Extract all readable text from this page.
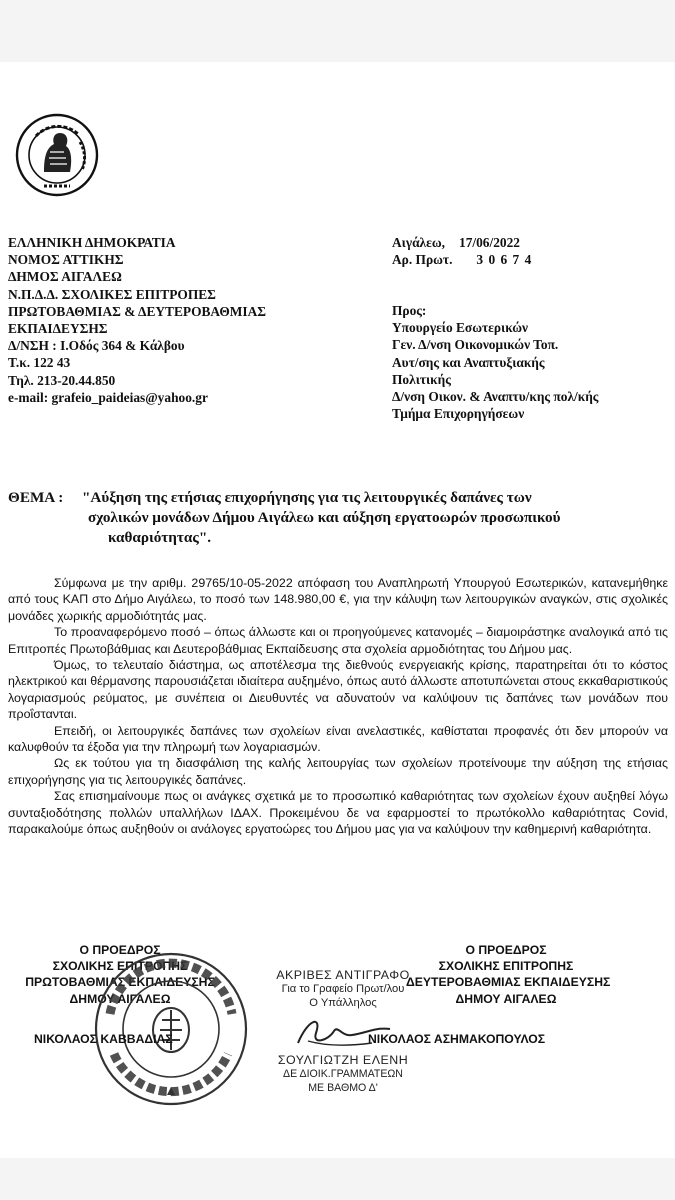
ΕΛΛΗΝΙΚΗ ΔΗΜΟΚΡΑΤΙΑ
ΝΟΜΟΣ ΑΤΤΙΚΗΣ
ΔΗΜΟΣ ΑΙΓΑΛΕΩ
Ν.Π.Δ.Δ. ΣΧΟΛΙΚΕΣ ΕΠΙΤΡΟΠΕΣ
ΠΡΩΤΟΒΑΘΜΙΑΣ & ΔΕΥΤΕΡΟΒΑΘΜΙΑΣ
ΕΚΠΑΙΔΕΥΣΗΣ
Δ/ΝΣΗ : Ι.Οδός 364 & Κάλβου
Τ.κ. 122 43
Τηλ. 213-20.44.850
e-mail: grafeio_paideias@yahoo.gr
Αιγάλεω, 17/06/2022
Αρ. Πρωτ. 3 0 6 7 4
Προς:
Υπουργείο Εσωτερικών
Γεν. Δ/νση Οικονομικών Τοπ.
Αυτ/σης και Αναπτυξιακής
Πολιτικής
Δ/νση Οικον. & Αναπτυ/κης πολ/κής
Τμήμα Επιχορηγήσεων
ΘΕΜΑ : "Αύξηση της ετήσιας επιχορήγησης για τις λειτουργικές δαπάνες των
σχολικών μονάδων Δήμου Αιγάλεω και αύξηση εργατοωρών προσωπικού
καθαριότητας".

Σύμφωνα με την αριθμ. 29765/10-05-2022 απόφαση του Αναπληρωτή Υπουργού Εσωτερικών, κατανεμήθηκε από τους ΚΑΠ στο Δήμο Αιγάλεω, το ποσό των 148.980,00 €, για την κάλυψη των λειτουργικών αναγκών, στις σχολικές μονάδες χωρικής αρμοδιότητάς μας.

Το προαναφερόμενο ποσό – όπως άλλωστε και οι προηγούμενες κατανομές – διαμοιράστηκε αναλογικά από τις Επιτροπές Πρωτοβάθμιας και Δευτεροβάθμιας Εκπαίδευσης στα σχολεία αρμοδιότητας του Δήμου μας.

Όμως, το τελευταίο διάστημα, ως αποτέλεσμα της διεθνούς ενεργειακής κρίσης, παρατηρείται ότι το κόστος ηλεκτρικού και θέρμανσης παρουσιάζεται ιδιαίτερα αυξημένο, όπως αυτό άλλωστε αποτυπώνεται στους εκκαθαριστικούς λογαριασμούς ρεύματος, με συνέπεια οι Διευθυντές να αδυνατούν να καλύψουν τις δαπάνες των μονάδων που προΐστανται.

Επειδή, οι λειτουργικές δαπάνες των σχολείων είναι ανελαστικές, καθίσταται προφανές ότι δεν μπορούν να καλυφθούν τα έξοδα για την πληρωμή των λογαριασμών.

Ως εκ τούτου για τη διασφάλιση της καλής λειτουργίας των σχολείων προτείνουμε την αύξηση της ετήσιας επιχορήγησης για τις λειτουργικές δαπάνες.

Σας επισημαίνουμε πως οι ανάγκες σχετικά με το προσωπικό καθαριότητας των σχολείων έχουν αυξηθεί λόγω συνταξιοδότησης πολλών υπαλλήλων ΙΔΑΧ. Προκειμένου δε να εφαρμοστεί το πρωτόκολλο καθαριότητας Covid, παρακαλούμε όπως αυξηθούν οι ανάλογες εργατοώρες του Δήμου μας για να καλύψουν την καθημερινή καθαριότητα.

Ο ΠΡΟΕΔΡΟΣ
ΣΧΟΛΙΚΗΣ ΕΠΙΤΡΟΠΗΣ
ΠΡΩΤΟΒΑΘΜΙΑΣ ΕΚΠΑΙΔΕΥΣΗΣ
ΔΗΜΟΥ ΑΙΓΑΛΕΩ
Ο ΠΡΟΕΔΡΟΣ
ΣΧΟΛΙΚΗΣ ΕΠΙΤΡΟΠΗΣ
ΔΕΥΤΕΡΟΒΑΘΜΙΑΣ ΕΚΠΑΙΔΕΥΣΗΣ
ΔΗΜΟΥ ΑΙΓΑΛΕΩ
ΑΚΡΙΒΕΣ ΑΝΤΙΓΡΑΦΟ
Για το Γραφείο Πρωτ/λου
Ο Υπάλληλος
ΣΟΥΛΓΙΩΤΖΗ ΕΛΕΝΗ
ΔΕ ΔΙΟΙΚ.ΓΡΑΜΜΑΤΕΩΝ
ΜΕ ΒΑΘΜΟ Δ'
ΝΙΚΟΛΑΟΣ ΚΑΒΒΑΔΙΑΣ	ΝΙΚΟΛΑΟΣ ΑΣΗΜΑΚΟΠΟΥΛΟΣ
